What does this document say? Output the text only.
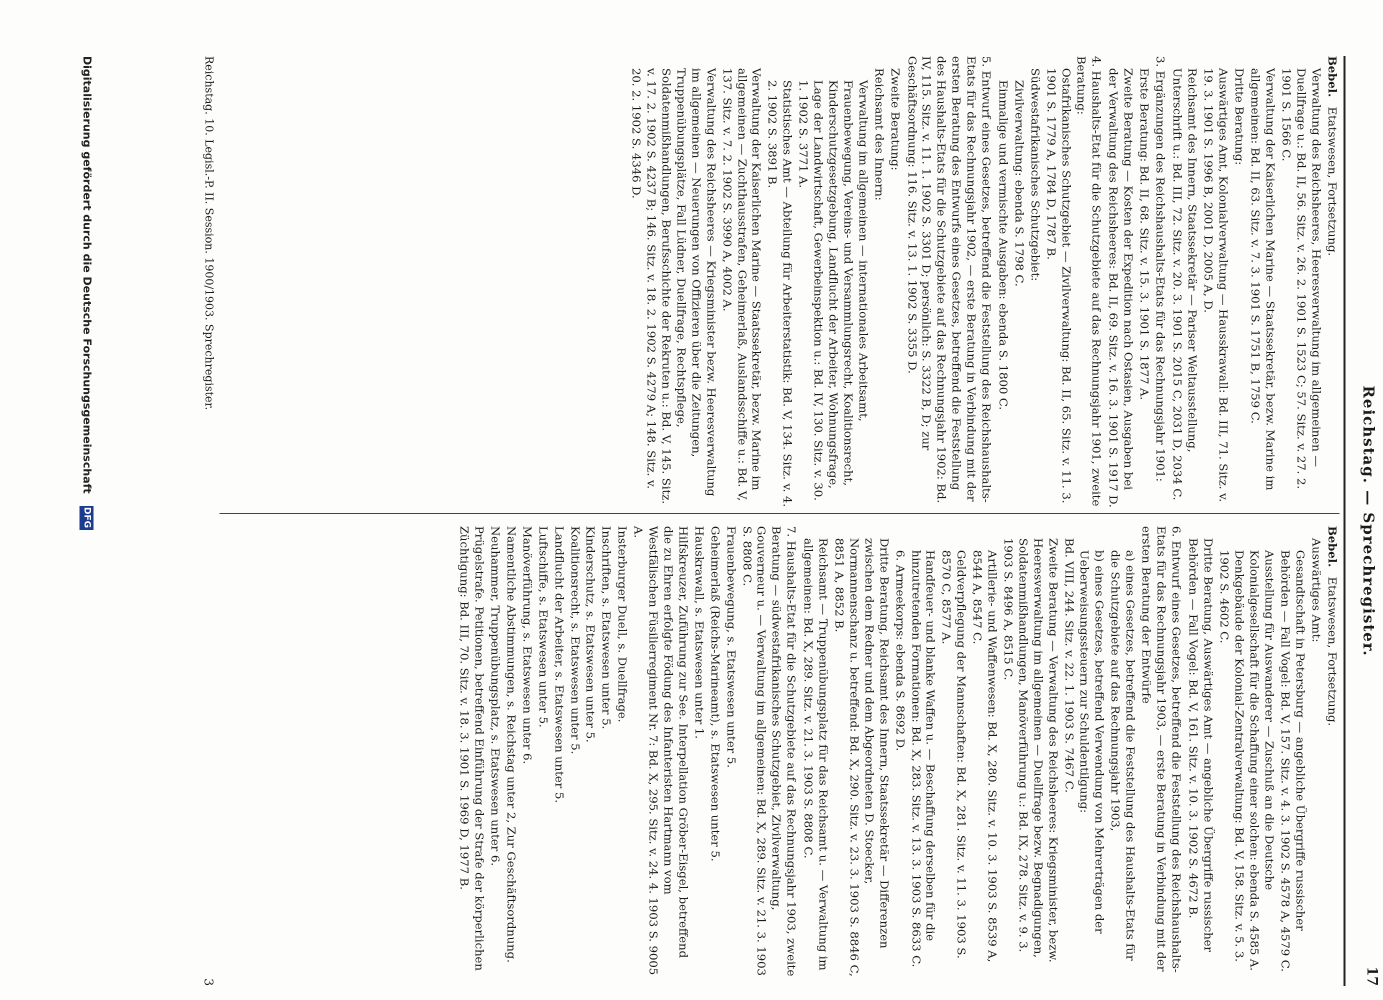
Reichstag. — Sprechregister.
17
Bebel. Etatswesen, Fortsetzung.
Verwaltung des Reichsheeres, Heeresverwaltung im allgemeinen — Duellfrage u.: Bd. II, 56. Sitz. v. 26. 2. 1901 S. 1523 C; 57. Sitz. v. 27. 2. 1901 S. 1566 C.
Verwaltung der Kaiserlichen Marine — Staatssekretär, bezw. Marine im allgemeinen: Bd. II, 63. Sitz. v. 7. 3. 1901 S. 1751 B, 1759 C.
Dritte Beratung:
Auswärtiges Amt, Kolonialverwaltung — Hausskrawall: Bd. III, 71. Sitz. v. 19. 3. 1901 S. 1996 B, 2001 D, 2005 A, D.
Reichsamt des Innern, Staatssekretär — Pariser Weltausstellung, Unterschrift u.: Bd. III, 72. Sitz. v. 20. 3. 1901 S. 2015 C, 2031 D, 2034 C.
3. Ergänzungen des Reichshaushalts-Etats für das Rechnungsjahr 1901:
Erste Beratung: Bd. II, 68. Sitz. v. 15. 3. 1901 S. 1877 A.
Zweite Beratung — Kosten der Expedition nach Ostasien, Ausgaben bei der Verwaltung des Reichsheeres: Bd. II, 69. Sitz. v. 16. 3. 1901 S. 1917 D.
4. Haushalts-Etat für die Schutzgebiete auf das Rechnungsjahr 1901, zweite Beratung:
Ostafrikanisches Schutzgebiet — Zivilverwaltung: Bd. II, 65. Sitz. v. 11. 3. 1901 S. 1779 A, 1784 D, 1787 B.
Südwestafrikanisches Schutzgebiet:
Zivilverwaltung: ebenda S. 1798 C.
Einmalige und vermischte Ausgaben: ebenda S. 1800 C.
5. Entwurf eines Gesetzes, betreffend die Feststellung des Reichshaushalts-Etats für das Rechnungsjahr 1902, — erste Beratung in Verbindung mit der ersten Beratung des Entwurfs eines Gesetzes, betreffend die Feststellung des Haushalts-Etats für die Schutzgebiete auf das Rechnungsjahr 1902: Bd. IV, 115. Sitz. v. 11. 1. 1902 S. 3301 D; persönlich: S. 3322 B, D; zur Geschäftsordnung: 116. Sitz. v. 13. 1. 1902 S. 3355 D.
Zweite Beratung:
Reichsamt des Innern:
Verwaltung im allgemeinen — internationales Arbeitsamt, Frauenbewegung, Vereins- und Versammlungsrecht, Koalitionsrecht, Kinderschutzgesetzgebung, Landflucht der Arbeiter, Wohnungsfrage, Lage der Landwirtschaft, Gewerbeinspektion u.: Bd. IV, 130. Sitz. v. 30. 1. 1902 S. 3771 A.
Statistisches Amt — Abteilung für Arbeiterstatistik: Bd. V, 134. Sitz. v. 4. 2. 1902 S. 3891 B.
Verwaltung der Kaiserlichen Marine — Staatssekretär, bezw. Marine im allgemeinen — Zuchthausstrafen, Geheimerlaß, Auslandsschiffe u.: Bd. V, 137. Sitz. v. 7. 2. 1902 S. 3990 A, 4002 A.
Verwaltung des Reichsheeres — Kriegsminister bezw. Heeresverwaltung im allgemeinen — Neuerungen von Offizieren über die Zeitungen, Truppenübungsplätze, Fall Lüdner, Duellfrage, Rechtspflege, Soldatenmißhandlungen, Berufsschichte der Rekruten u.: Bd. V, 145. Sitz. v. 17. 2. 1902 S. 4237 B; 146. Sitz. v. 18. 2. 1902 S. 4279 A; 148. Sitz. v. 20. 2. 1902 S. 4346 D.
Bebel. Etatswesen, Fortsetzung.
Auswärtiges Amt:
Gesandtschaft in Petersburg — angebliche Übergriffe russischer Behörden — Fall Vogel: Bd. V, 157. Sitz. v. 4. 3. 1902 S. 4578 A, 4579 C.
Ausstellung für Auswanderer — Zuschuß an die Deutsche Kolonialgesellschaft für die Schaffung einer solchen: ebenda S. 4585 A.
Denkgebäude der Kolonial-Zentralverwaltung: Bd. V, 158. Sitz. v. 5. 3. 1902 S. 4602 C.
Dritte Beratung, Auswärtiges Amt — angebliche Übergriffe russischer Behörden — Fall Vogel: Bd. V, 161. Sitz. v. 10. 3. 1902 S. 4672 B.
6. Entwurf eines Gesetzes, betreffend die Feststellung des Reichshaushalts-Etats für das Rechnungsjahr 1903, — erste Beratung in Verbindung mit der ersten Beratung der Entwürfe
a) eines Gesetzes, betreffend die Feststellung des Haushalts-Etats für die Schutzgebiete auf das Rechnungsjahr 1903,
b) eines Gesetzes, betreffend Verwendung von Mehrerträgen der Ueberweisungssteuern zur Schuldentilgung:
Bd. VIII, 244. Sitz. v. 22. 1. 1903 S. 7467 C.
Zweite Beratung — Verwaltung des Reichsheeres: Kriegsminister, bezw. Heeresverwaltung im allgemeinen — Duellfrage bezw. Begnadigungen, Soldatenmißhandlungen, Manöverführung u.: Bd. IX, 278. Sitz. v. 9. 3. 1903 S. 8496 A, 8515 C.
Artillerie- und Waffenwesen: Bd. X, 280. Sitz. v. 10. 3. 1903 S. 8539 A, 8544 A, 8547 C.
Geldverpflegung der Mannschaften: Bd. X, 281. Sitz. v. 11. 3. 1903 S. 8570 C, 8577 A.
Handfeuer- und blanke Waffen u. — Beschaffung derselben für die hinzutretenden Formationen: Bd. X, 283. Sitz. v. 13. 3. 1903 S. 8633 C.
6. Armeekorps: ebenda S. 8692 D.
Dritte Beratung, Reichsamt des Innern, Staatssekretär — Differenzen zwischen dem Redner und dem Abgeordneten D. Stoecker, Normannenschanz u. betreffend: Bd. X, 290. Sitz. v. 23. 3. 1903 S. 8846 C, 8851 A, 8852 B.
Reichsamt — Truppenübungsplatz für das Reichsamt u. — Verwaltung im allgemeinen: Bd. X, 289. Sitz. v. 21. 3. 1903 S. 8808 C.
7. Haushalts-Etat für die Schutzgebiete auf das Rechnungsjahr 1903, zweite Beratung — südwestafrikanisches Schutzgebiet, Zivilverwaltung, Gouverneur u. — Verwaltung im allgemeinen: Bd. X, 289. Sitz. v. 21. 3. 1903 S. 8808 C.
Frauenbewegung, s. Etatswesen unter 5.
Geheimerlaß (Reichs-Marineamt), s. Etatswesen unter 5.
Hauskrawall, s. Etatswesen unter 1.
Hilfskreuzer, Zuführung zur See. Interpellation Gröber-Eisgel, betreffend die zu Ehren erfolgte Födung des Infanteristen Hartmann vom Westfälischen Füsilierregiment Nr. 7: Bd. X, 295. Sitz. v. 24. 4. 1903 S. 9005 A.
Insterburger Duell, s. Duellfrage.
Inschriften, s. Etatswesen unter 5.
Kinderschutz, s. Etatswesen unter 5.
Koalitionsrecht, s. Etatswesen unter 5.
Landflucht der Arbeiter, s. Etatswesen unter 5.
Luftschiffe, s. Etatswesen unter 5.
Manöverführung, s. Etatswesen unter 6.
Namentliche Abstimmungen, s. Reichstag unter 2, Zur Geschäftsordnung.
Neuhammer, Truppenübungsplatz, s. Etatswesen unter 6.
Prügelstrafe. Petitionen, betreffend Einführung der Strafe der körperlichen Züchtigung: Bd. III, 70. Sitz. v. 18. 3. 1901 S. 1969 D, 1977 B.
Reichstag. 10. Legisl.-P. II. Session. 1900/1903. Sprechregister.
3
Digitalisierung gefördert durch die Deutsche Forschungsgemeinschaft DFG
